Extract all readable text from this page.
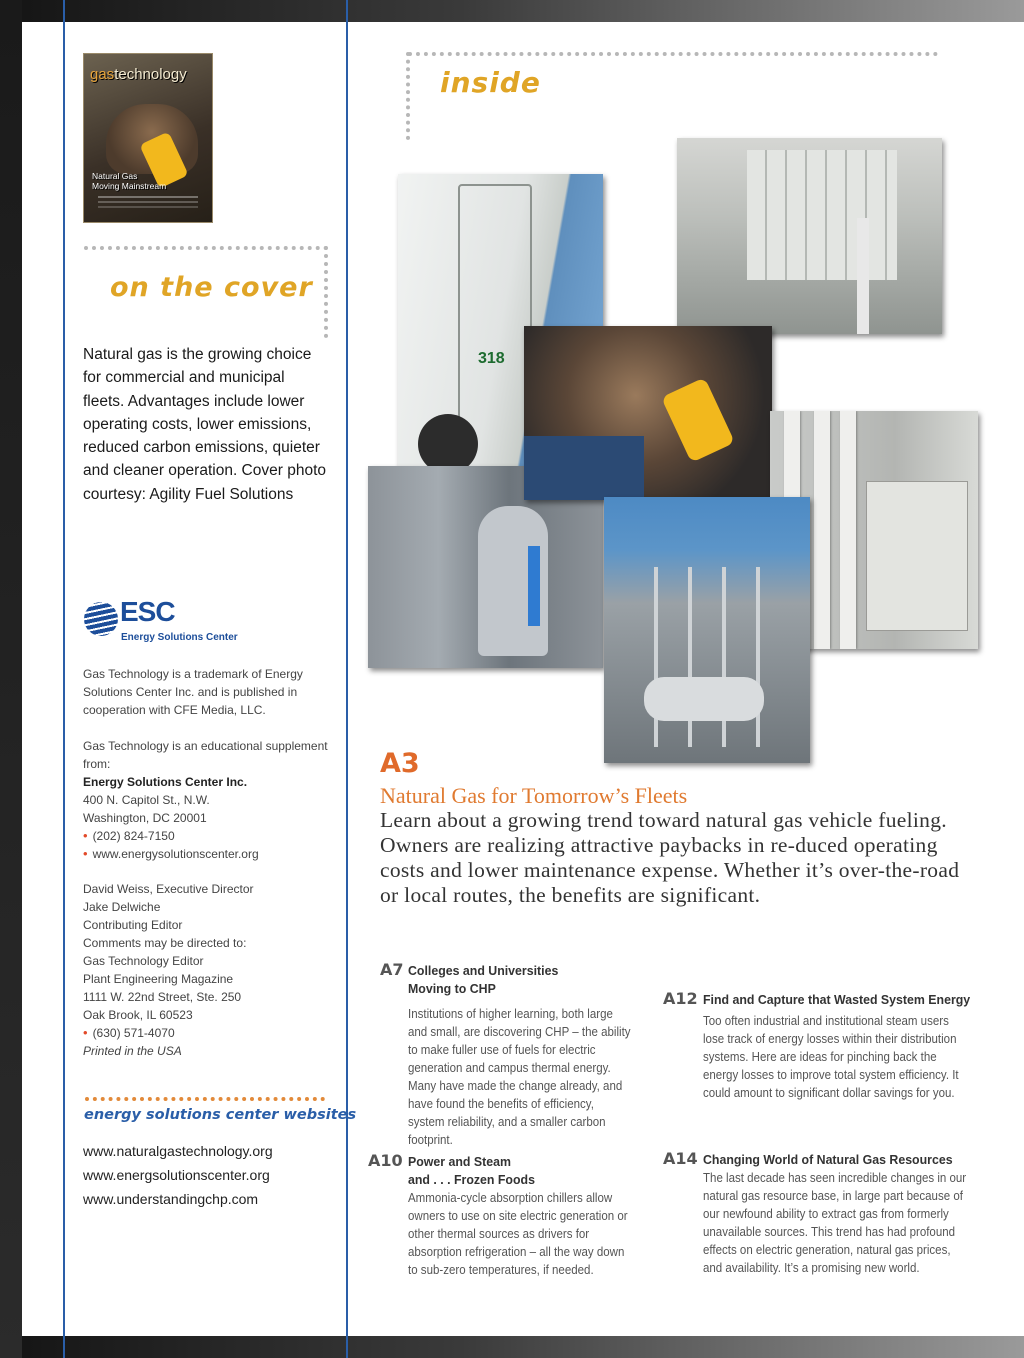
gastechnology
Natural Gas
Moving Mainstream
on the cover

Natural gas is the growing choice for commercial and municipal fleets. Advantages include lower operating costs, lower emissions, reduced carbon emissions, quieter and cleaner operation. Cover photo courtesy: Agility Fuel Solutions

ESC
Energy Solutions Center

Gas Technology is a trademark of Energy Solutions Center Inc. and is published in cooperation with CFE Media, LLC.

Gas Technology is an educational supplement from:
Energy Solutions Center Inc.
400 N. Capitol St., N.W.
Washington, DC 20001
• (202) 824-7150
• www.energysolutionscenter.org
David Weiss, Executive Director
Jake Delwiche
Contributing Editor
Comments may be directed to:
Gas Technology Editor
Plant Engineering Magazine
1111 W. 22nd Street, Ste. 250
Oak Brook, IL 60523
• (630) 571-4070
Printed in the USA
energy solutions center websites
www.naturalgastechnology.org
www.energsolutionscenter.org
www.understandingchp.com
inside
318
A3
Natural Gas for Tomorrow’s Fleets

Learn about a growing trend toward natural gas vehicle fueling. Owners are realizing attractive paybacks in re-duced operating costs and lower maintenance expense. Whether it’s over-the-road or local routes, the benefits are significant.

A7 Colleges and Universities
Moving to CHP

Institutions of higher learning, both large and small, are discovering CHP – the ability to make fuller use of fuels for electric generation and campus thermal energy. Many have made the change already, and have found the benefits of efficiency, system reliability, and a smaller carbon footprint.

A10 Power and Steam
and . . . Frozen Foods

Ammonia-cycle absorption chillers allow owners to use on site electric generation or other thermal sources as drivers for absorption refrigeration – all the way down to sub-zero temperatures, if needed.

A12 Find and Capture that Wasted System Energy

Too often industrial and institutional steam users lose track of energy losses within their distribution systems. Here are ideas for pinching back the energy losses to improve total system efficiency. It could amount to significant dollar savings for you.

A14 Changing World of Natural Gas Resources

The last decade has seen incredible changes in our natural gas resource base, in large part because of our newfound ability to extract gas from formerly unavailable sources. This trend has had profound effects on electric generation, natural gas prices, and availability. It’s a promising new world.
